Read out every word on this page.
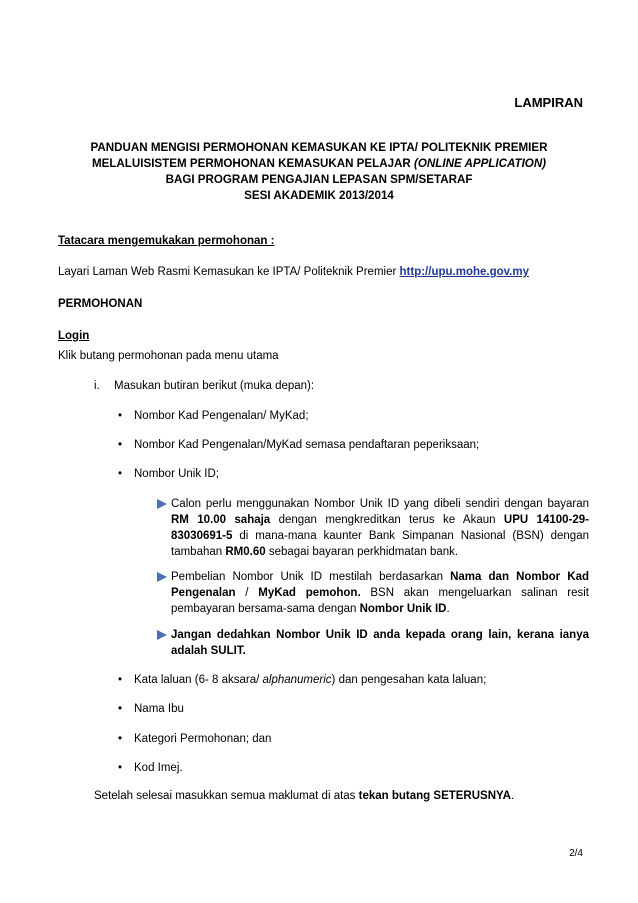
LAMPIRAN
PANDUAN MENGISI PERMOHONAN KEMASUKAN KE IPTA/ POLITEKNIK PREMIER
MELALUISISTEM PERMOHONAN KEMASUKAN PELAJAR (ONLINE APPLICATION)
BAGI PROGRAM PENGAJIAN LEPASAN SPM/SETARAF
SESI AKADEMIK 2013/2014
Tatacara mengemukakan permohonan :
Layari Laman Web Rasmi Kemasukan ke IPTA/ Politeknik Premier http://upu.mohe.gov.my
PERMOHONAN
Login
Klik butang permohonan pada menu utama
i. Masukan butiran berikut (muka depan):
• Nombor Kad Pengenalan/ MyKad;
• Nombor Kad Pengenalan/MyKad semasa pendaftaran peperiksaan;
• Nombor Unik ID;
Calon perlu menggunakan Nombor Unik ID yang dibeli sendiri dengan bayaran RM 10.00 sahaja dengan mengkreditkan terus ke Akaun UPU 14100-29-83030691-5 di mana-mana kaunter Bank Simpanan Nasional (BSN) dengan tambahan RM0.60 sebagai bayaran perkhidmatan bank.
Pembelian Nombor Unik ID mestilah berdasarkan Nama dan Nombor Kad Pengenalan / MyKad pemohon. BSN akan mengeluarkan salinan resit pembayaran bersama-sama dengan Nombor Unik ID.
Jangan dedahkan Nombor Unik ID anda kepada orang lain, kerana ianya adalah SULIT.
• Kata laluan (6- 8 aksara/ alphanumeric) dan pengesahan kata laluan;
• Nama Ibu
• Kategori Permohonan; dan
• Kod Imej.
Setelah selesai masukkan semua maklumat di atas tekan butang SETERUSNYA.
2/4
